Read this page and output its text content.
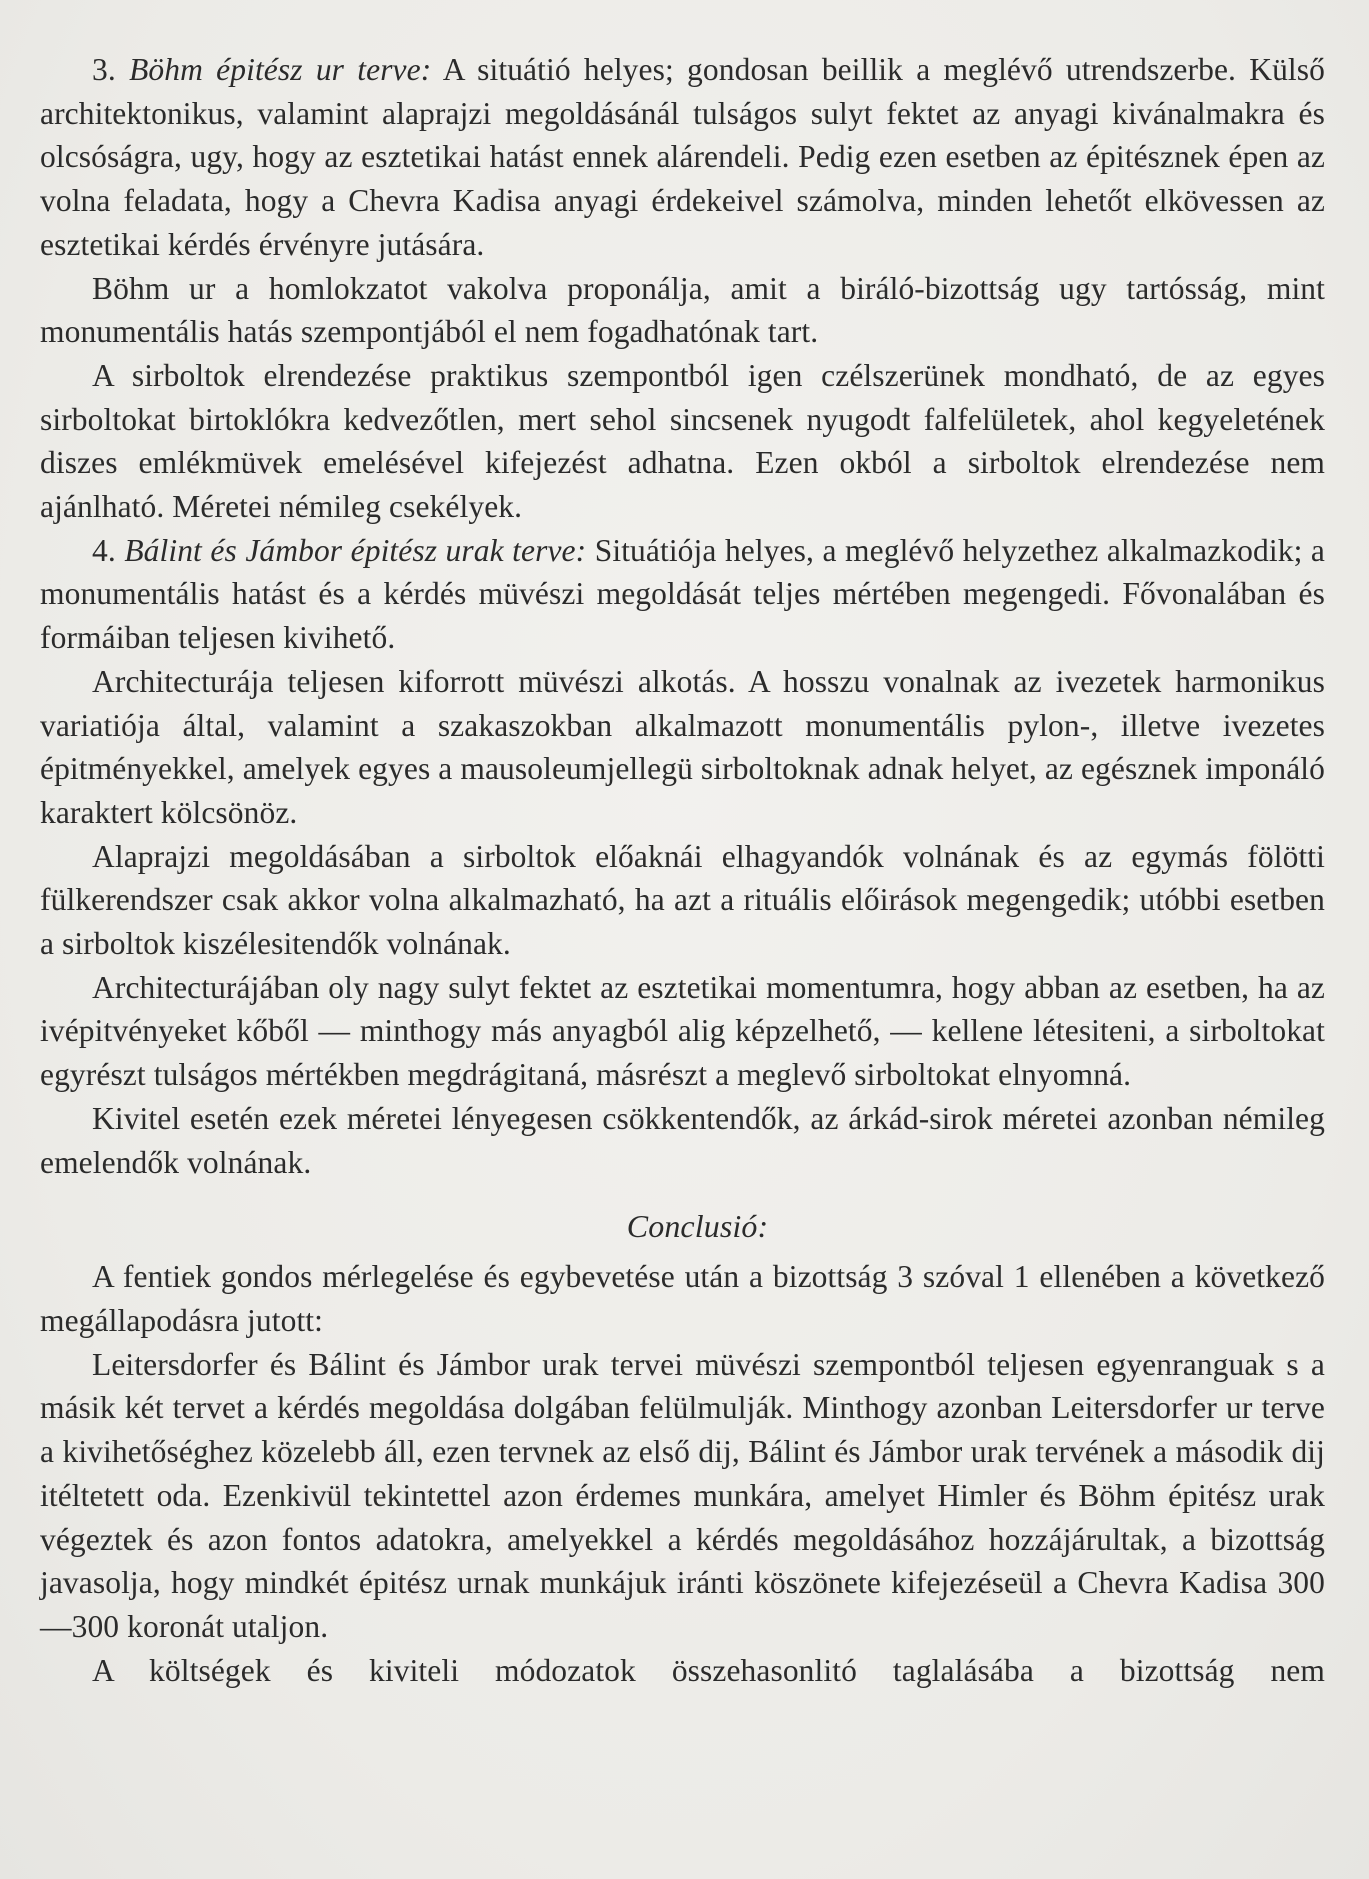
3. Böhm épitész ur terve: A situátió helyes; gondosan beillik a meglévő utrendszerbe. Külső architektonikus, valamint alaprajzi megoldásánál tulságos sulyt fektet az anyagi kivánalmakra és olcsóságra, ugy, hogy az esztetikai hatást ennek alárendeli. Pedig ezen esetben az épitésznek épen az volna feladata, hogy a Chevra Kadisa anyagi érdekeivel számolva, minden lehetőt elkövessen az esztetikai kérdés érvényre jutására.

Böhm ur a homlokzatot vakolva proponálja, amit a biráló-bizottság ugy tartósság, mint monumentális hatás szempontjából el nem fogadhatónak tart.

A sirboltok elrendezése praktikus szempontból igen czélszerünek mondható, de az egyes sirboltokat birtoklókra kedvezőtlen, mert sehol sincsenek nyugodt falfelületek, ahol kegyeletének diszes emlékmüvek emelésével kifejezést adhatna. Ezen okból a sirboltok elrendezése nem ajánlható. Méretei némileg csekélyek.

4. Bálint és Jámbor épitész urak terve: Situátiója helyes, a meglévő helyzethez alkalmazkodik; a monumentális hatást és a kérdés müvészi megoldását teljes mértében megengedi. Fővonalában és formáiban teljesen kivihető.

Architecturája teljesen kiforrott müvészi alkotás. A hosszu vonalnak az ivezetek harmonikus variatiója által, valamint a szakaszokban alkalmazott monumentális pylon-, illetve ivezetes épitményekkel, amelyek egyes a mausoleumjellegü sirboltoknak adnak helyet, az egésznek imponáló karaktert kölcsönöz.

Alaprajzi megoldásában a sirboltok előaknái elhagyandók volnának és az egymás fölötti fülkerendszer csak akkor volna alkalmazható, ha azt a rituális előirások megengedik; utóbbi esetben a sirboltok kiszélesitendők volnának.

Architecturájában oly nagy sulyt fektet az esztetikai momentumra, hogy abban az esetben, ha az ivépitvényeket kőből — minthogy más anyagból alig képzelhető, — kellene létesiteni, a sirboltokat egyrészt tulságos mértékben megdrágitaná, másrészt a meglevő sirboltokat elnyomná.

Kivitel esetén ezek méretei lényegesen csökkentendők, az árkád-sirok méretei azonban némileg emelendők volnának.

Conclusió:

A fentiek gondos mérlegelése és egybevetése után a bizottság 3 szóval 1 ellenében a következő megállapodásra jutott:

Leitersdorfer és Bálint és Jámbor urak tervei müvészi szempontból teljesen egyenranguak s a másik két tervet a kérdés megoldása dolgában felülmulják. Minthogy azonban Leitersdorfer ur terve a kivihetőséghez közelebb áll, ezen tervnek az első dij, Bálint és Jámbor urak tervének a második dij itéltetett oda. Ezenkivül tekintettel azon érdemes munkára, amelyet Himler és Böhm épitész urak végeztek és azon fontos adatokra, amelyekkel a kérdés megoldásához hozzájárultak, a bizottság javasolja, hogy mindkét épitész urnak munkájuk iránti köszönete kifejezéseül a Chevra Kadisa 300—300 koronát utaljon.

A költségek és kiviteli módozatok összehasonlitó taglalásába a bizottság nem
